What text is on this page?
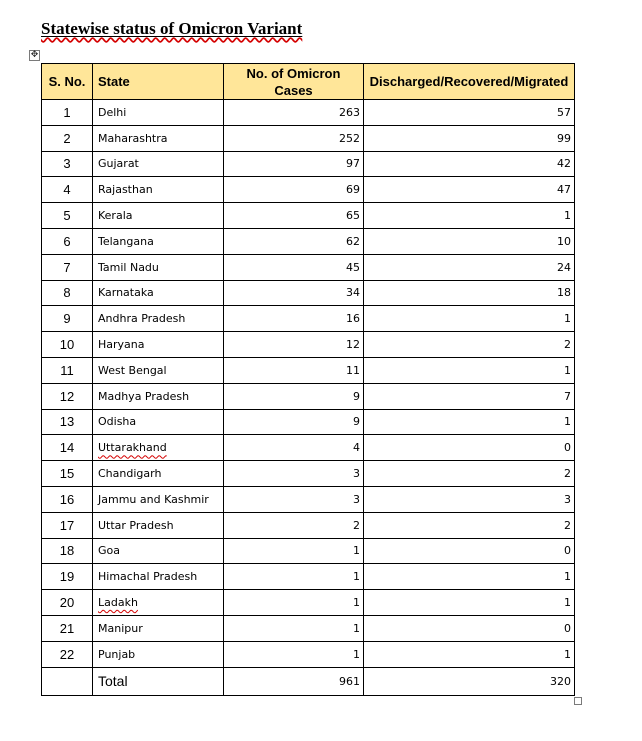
Statewise status of Omicron Variant
✥
S. No.	State	No. of Omicron Cases	Discharged/Recovered/Migrated
1	Delhi	263	57
2	Maharashtra	252	99
3	Gujarat	97	42
4	Rajasthan	69	47
5	Kerala	65	1
6	Telangana	62	10
7	Tamil Nadu	45	24
8	Karnataka	34	18
9	Andhra Pradesh	16	1
10	Haryana	12	2
11	West Bengal	11	1
12	Madhya Pradesh	9	7
13	Odisha	9	1
14	Uttarakhand	4	0
15	Chandigarh	3	2
16	Jammu and Kashmir	3	3
17	Uttar Pradesh	2	2
18	Goa	1	0
19	Himachal Pradesh	1	1
20	Ladakh	1	1
21	Manipur	1	0
22	Punjab	1	1
	Total	961	320
